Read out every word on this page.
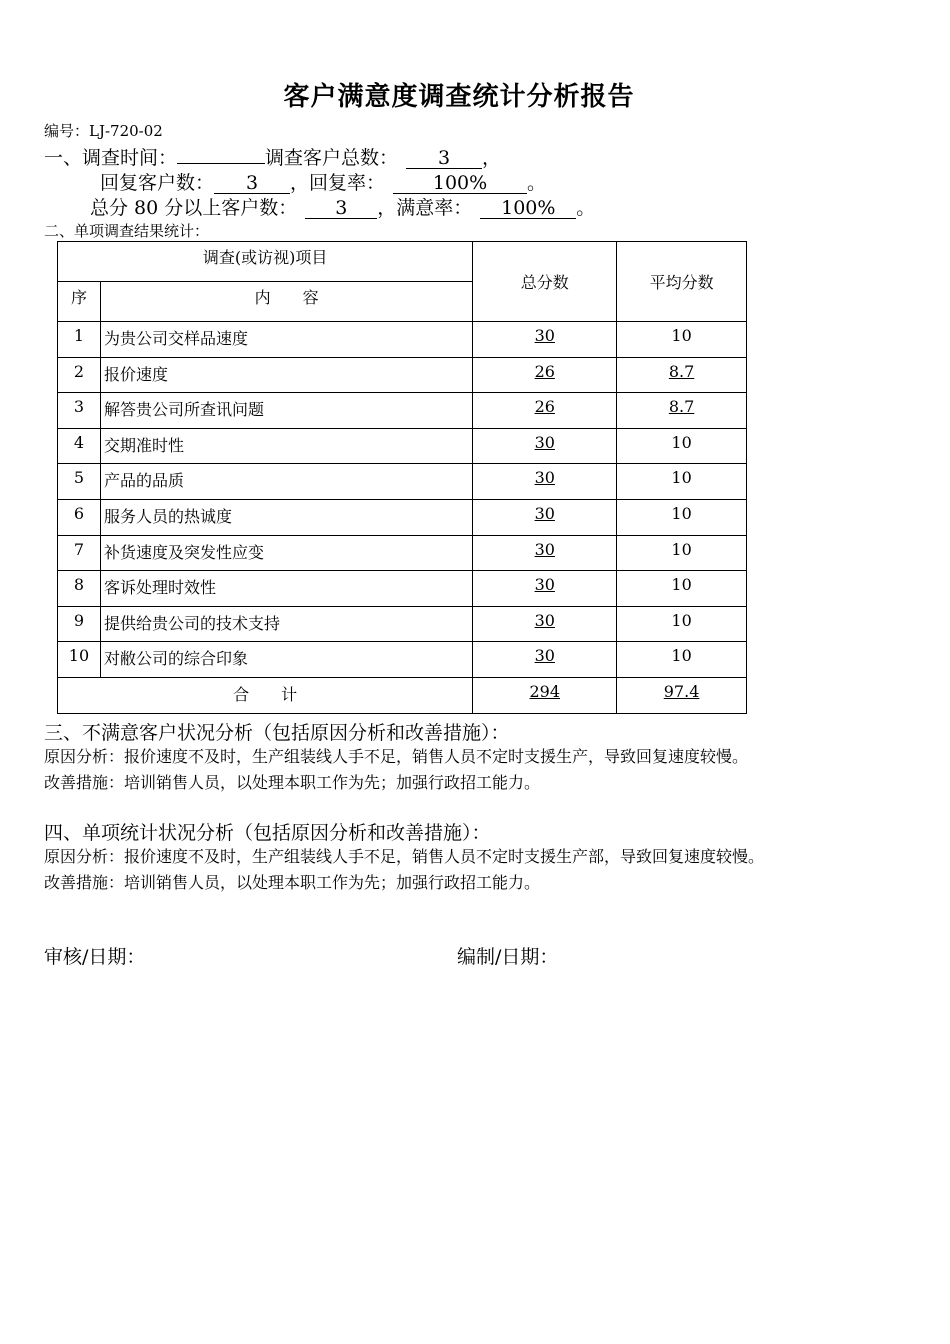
客户满意度调查统计分析报告
编号：LJ-720-02
一、调查时间：	调查客户总数： 3 ，
回复客户数： 3 ，回复率：	100% 。
总分 80 分以上客户数： 3 ，满意率： 100% 。
二、单项调查结果统计：
调查(或访视)项目		总分数	平均分数
序	内　　容		
1	为贵公司交样品速度	30	10
2	报价速度	26	8.7
3	解答贵公司所查讯问题	26	8.7
4	交期准时性	30	10
5	产品的品质	30	10
6	服务人员的热诚度	30	10
7	补货速度及突发性应变	30	10
8	客诉处理时效性	30	10
9	提供给贵公司的技术支持	30	10
10	对敝公司的综合印象	30	10
合　　计		294	97.4
三、不满意客户状况分析（包括原因分析和改善措施）：
原因分析：报价速度不及时，生产组装线人手不足，销售人员不定时支援生产，导致回复速度较慢。
改善措施：培训销售人员，以处理本职工作为先；加强行政招工能力。
四、单项统计状况分析（包括原因分析和改善措施）：
原因分析：报价速度不及时，生产组装线人手不足，销售人员不定时支援生产部，导致回复速度较慢。
改善措施：培训销售人员，以处理本职工作为先；加强行政招工能力。
审核/日期：	编制/日期：
